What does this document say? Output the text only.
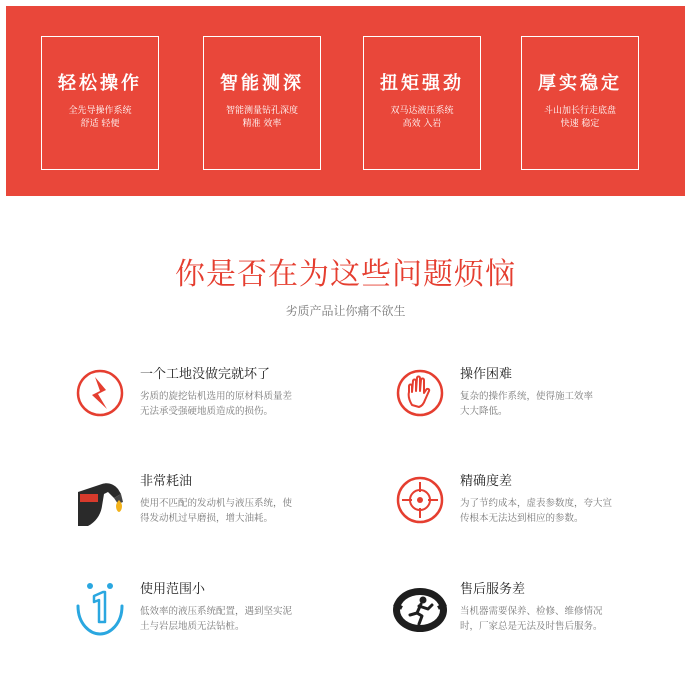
轻松操作
全先导操作系统
舒适 轻便
智能测深
智能测量钻孔深度
精准 效率
扭矩强劲
双马达液压系统
高效 入岩
厚实稳定
斗山加长行走底盘
快速 稳定
你是否在为这些问题烦恼
劣质产品让你痛不欲生
一个工地没做完就坏了
劣质的旋挖钻机选用的原材料质量差
无法承受强硬地质造成的损伤。
操作困难
复杂的操作系统，使得施工效率
大大降低。
非常耗油
使用不匹配的发动机与液压系统，使
得发动机过早磨损，增大油耗。
精确度差
为了节约成本，虚表参数度，夸大宣
传根本无法达到相应的参数。
使用范围小
低效率的液压系统配置，遇到坚实泥
土与岩层地质无法钻桩。
售后服务差
当机器需要保养、检修、维修情况
时，厂家总是无法及时售后服务。
